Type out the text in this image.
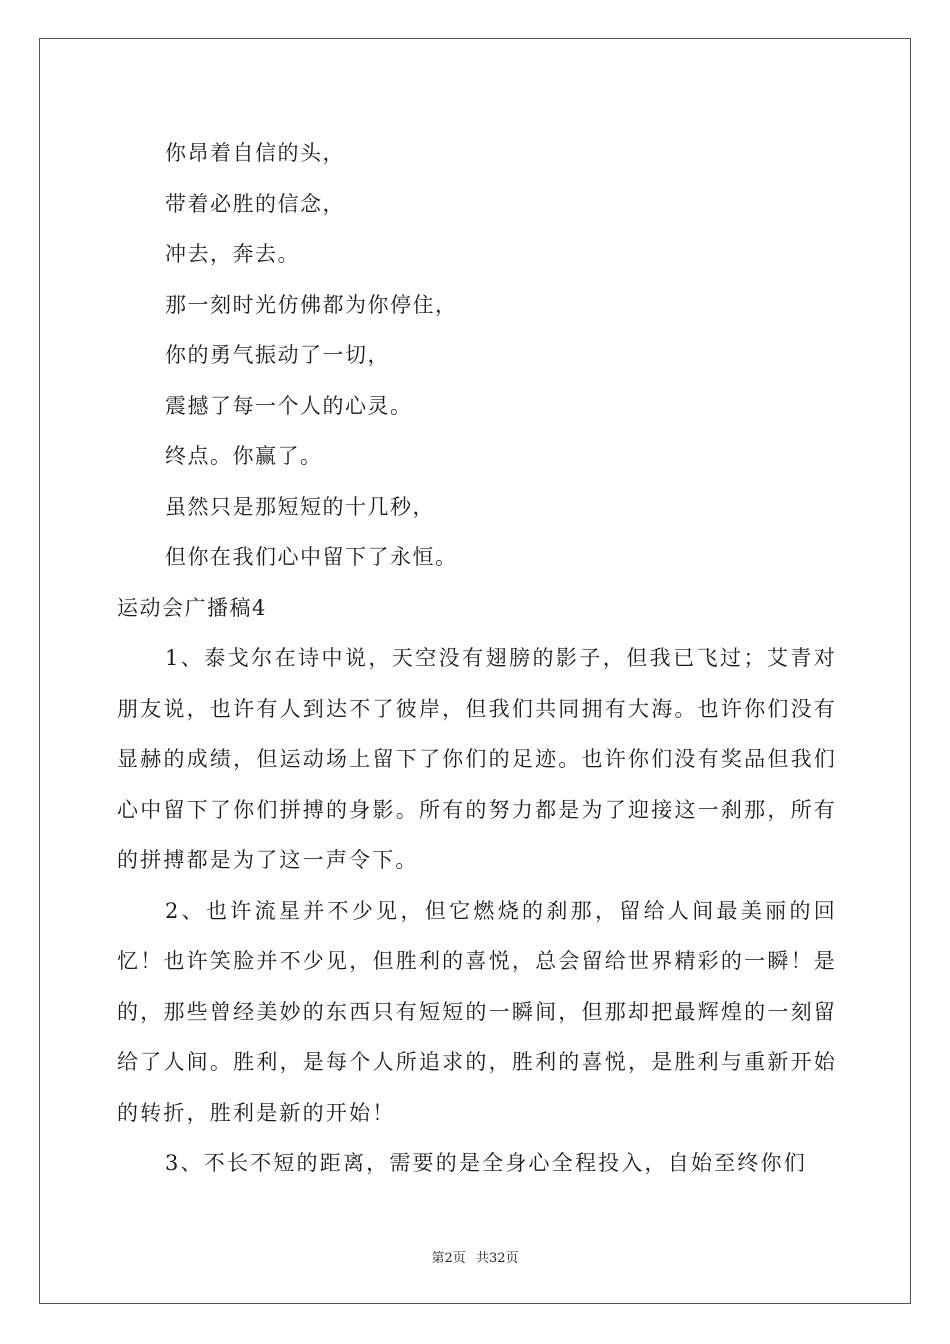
你昂着自信的头，
带着必胜的信念，
冲去，奔去。
那一刻时光仿佛都为你停住，
你的勇气振动了一切，
震撼了每一个人的心灵。
终点。你赢了。
虽然只是那短短的十几秒，
但你在我们心中留下了永恒。
运动会广播稿4

1、泰戈尔在诗中说，天空没有翅膀的影子，但我已飞过；艾青对朋友说，也许有人到达不了彼岸，但我们共同拥有大海。也许你们没有显赫的成绩，但运动场上留下了你们的足迹。也许你们没有奖品但我们心中留下了你们拼搏的身影。所有的努力都是为了迎接这一刹那，所有的拼搏都是为了这一声令下。

2、也许流星并不少见，但它燃烧的刹那，留给人间最美丽的回忆！也许笑脸并不少见，但胜利的喜悦，总会留给世界精彩的一瞬！是的，那些曾经美妙的东西只有短短的一瞬间，但那却把最辉煌的一刻留给了人间。胜利，是每个人所追求的，胜利的喜悦，是胜利与重新开始的转折，胜利是新的开始！

3、不长不短的距离，需要的是全身心全程投入，自始至终你们

第2页 共32页
